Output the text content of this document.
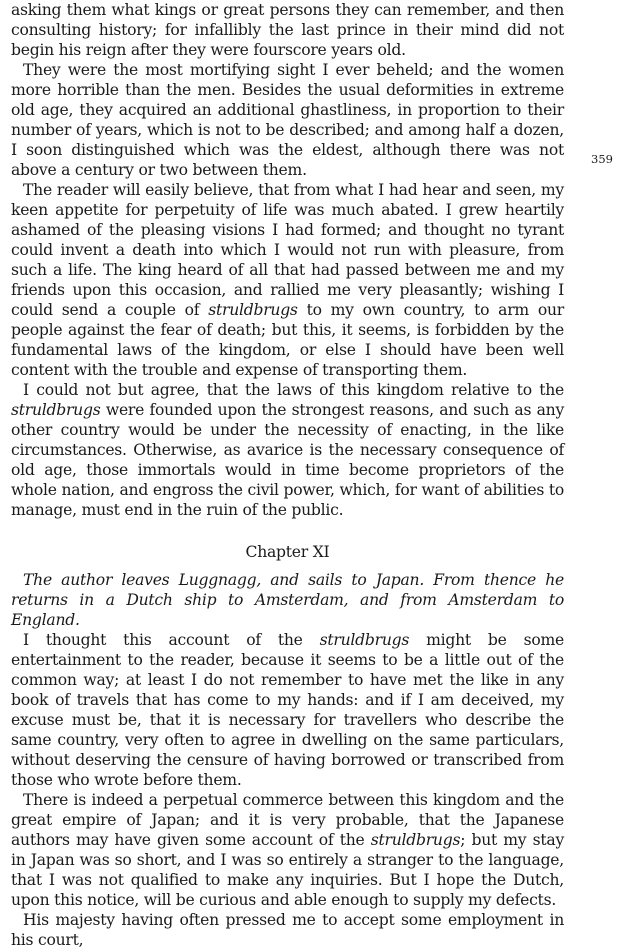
asking them what kings or great persons they can remember, and then consulting history; for infallibly the last prince in their mind did not begin his reign after they were fourscore years old.

They were the most mortifying sight I ever beheld; and the women more horrible than the men. Besides the usual deformities in extreme old age, they acquired an additional ghastliness, in proportion to their number of years, which is not to be described; and among half a dozen, I soon distinguished which was the eldest, although there was not above a century or two between them.

The reader will easily believe, that from what I had hear and seen, my keen appetite for perpetuity of life was much abated. I grew heartily ashamed of the pleasing visions I had formed; and thought no tyrant could invent a death into which I would not run with pleasure, from such a life. The king heard of all that had passed between me and my friends upon this occasion, and rallied me very pleasantly; wishing I could send a couple of struldbrugs to my own country, to arm our people against the fear of death; but this, it seems, is forbidden by the fundamental laws of the kingdom, or else I should have been well content with the trouble and expense of transporting them.

I could not but agree, that the laws of this kingdom relative to the struldbrugs were founded upon the strongest reasons, and such as any other country would be under the necessity of enacting, in the like circumstances. Otherwise, as avarice is the necessary consequence of old age, those immortals would in time become proprietors of the whole nation, and engross the civil power, which, for want of abilities to manage, must end in the ruin of the public.

Chapter XI

The author leaves Luggnagg, and sails to Japan. From thence he returns in a Dutch ship to Amsterdam, and from Amsterdam to England.

I thought this account of the struldbrugs might be some entertainment to the reader, because it seems to be a little out of the common way; at least I do not remember to have met the like in any book of travels that has come to my hands: and if I am deceived, my excuse must be, that it is necessary for travellers who describe the same country, very often to agree in dwelling on the same particulars, without deserving the censure of having borrowed or transcribed from those who wrote before them.

There is indeed a perpetual commerce between this kingdom and the great empire of Japan; and it is very probable, that the Japanese authors may have given some account of the struldbrugs; but my stay in Japan was so short, and I was so entirely a stranger to the language, that I was not qualified to make any inquiries. But I hope the Dutch, upon this notice, will be curious and able enough to supply my defects.

His majesty having often pressed me to accept some employment in his court,

359
